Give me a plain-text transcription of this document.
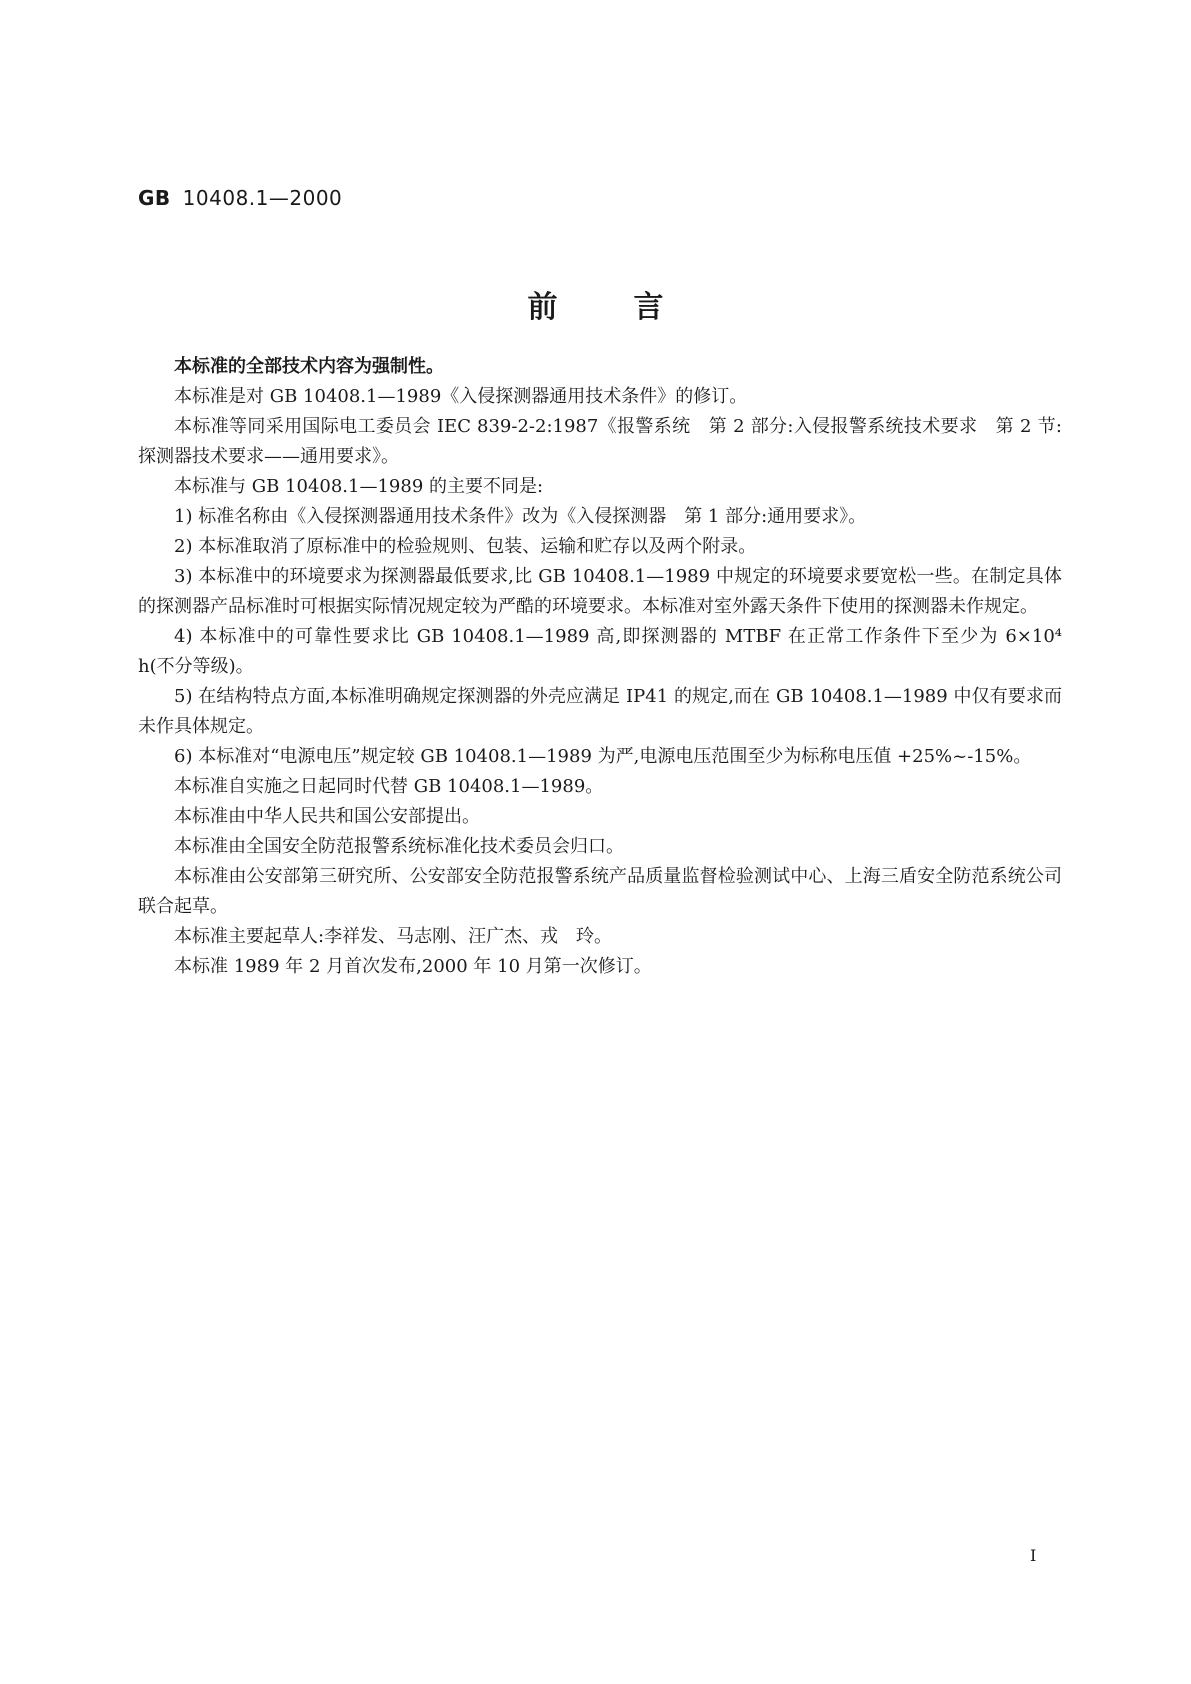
GB 10408.1—2000
前言

本标准的全部技术内容为强制性。

本标准是对 GB 10408.1—1989《入侵探测器通用技术条件》的修订。

本标准等同采用国际电工委员会 IEC 839-2-2:1987《报警系统　第 2 部分:入侵报警系统技术要求　第 2 节:探测器技术要求——通用要求》。

本标准与 GB 10408.1—1989 的主要不同是:

1) 标准名称由《入侵探测器通用技术条件》改为《入侵探测器　第 1 部分:通用要求》。

2) 本标准取消了原标准中的检验规则、包装、运输和贮存以及两个附录。

3) 本标准中的环境要求为探测器最低要求,比 GB 10408.1—1989 中规定的环境要求要宽松一些。在制定具体的探测器产品标准时可根据实际情况规定较为严酷的环境要求。本标准对室外露天条件下使用的探测器未作规定。

4) 本标准中的可靠性要求比 GB 10408.1—1989 高,即探测器的 MTBF 在正常工作条件下至少为 6×10⁴ h(不分等级)。

5) 在结构特点方面,本标准明确规定探测器的外壳应满足 IP41 的规定,而在 GB 10408.1—1989 中仅有要求而未作具体规定。

6) 本标准对“电源电压”规定较 GB 10408.1—1989 为严,电源电压范围至少为标称电压值 +25%~-15%。

本标准自实施之日起同时代替 GB 10408.1—1989。

本标准由中华人民共和国公安部提出。

本标准由全国安全防范报警系统标准化技术委员会归口。

本标准由公安部第三研究所、公安部安全防范报警系统产品质量监督检验测试中心、上海三盾安全防范系统公司联合起草。

本标准主要起草人:李祥发、马志刚、汪广杰、戎　玲。

本标准 1989 年 2 月首次发布,2000 年 10 月第一次修订。

I
